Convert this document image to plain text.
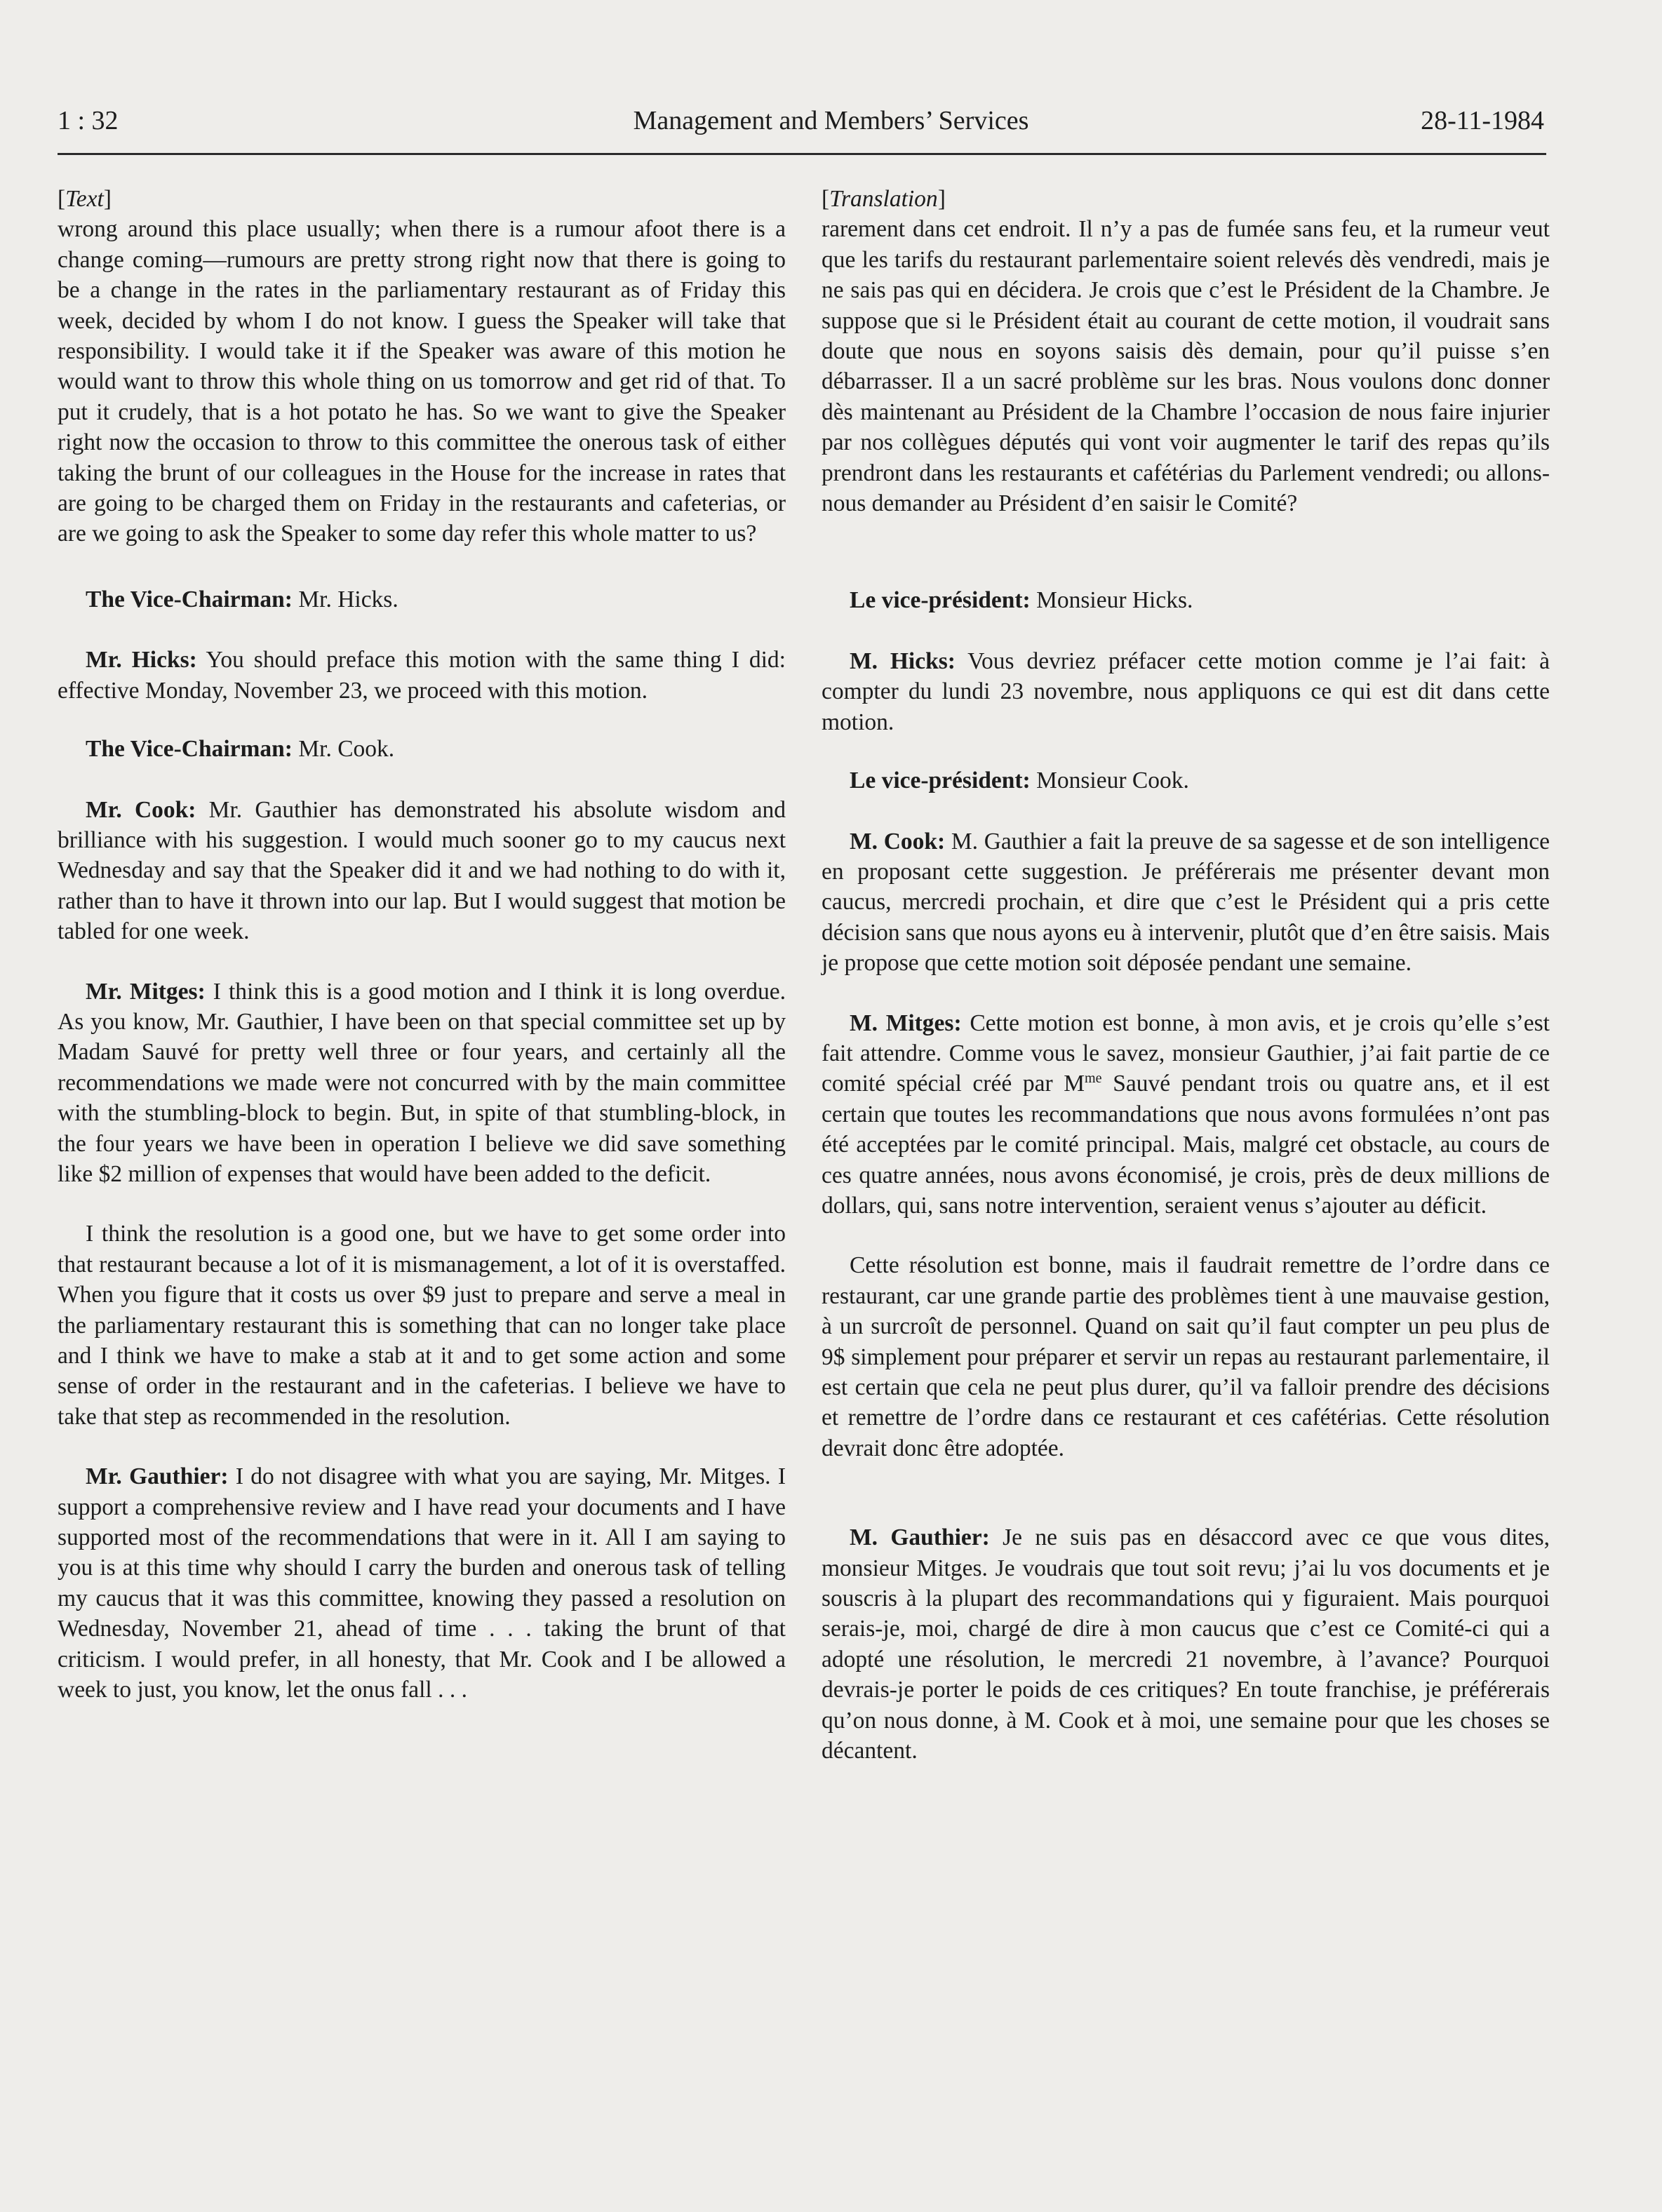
1 : 32	Management and Members’ Services	28-11-1984

[Text]

wrong around this place usually; when there is a rumour afoot there is a change coming—rumours are pretty strong right now that there is going to be a change in the rates in the parliamentary restaurant as of Friday this week, decided by whom I do not know. I guess the Speaker will take that responsibility. I would take it if the Speaker was aware of this motion he would want to throw this whole thing on us tomorrow and get rid of that. To put it crudely, that is a hot potato he has. So we want to give the Speaker right now the occasion to throw to this committee the onerous task of either taking the brunt of our colleagues in the House for the increase in rates that are going to be charged them on Friday in the restaurants and cafeterias, or are we going to ask the Speaker to some day refer this whole matter to us?

The Vice-Chairman: Mr. Hicks.

Mr. Hicks: You should preface this motion with the same thing I did: effective Monday, November 23, we proceed with this motion.

The Vice-Chairman: Mr. Cook.

Mr. Cook: Mr. Gauthier has demonstrated his absolute wisdom and brilliance with his suggestion. I would much sooner go to my caucus next Wednesday and say that the Speaker did it and we had nothing to do with it, rather than to have it thrown into our lap. But I would suggest that motion be tabled for one week.

Mr. Mitges: I think this is a good motion and I think it is long overdue. As you know, Mr. Gauthier, I have been on that special committee set up by Madam Sauvé for pretty well three or four years, and certainly all the recommendations we made were not concurred with by the main committee with the stumbling-block to begin. But, in spite of that stumbling-block, in the four years we have been in operation I believe we did save something like $2 million of expenses that would have been added to the deficit.

I think the resolution is a good one, but we have to get some order into that restaurant because a lot of it is mismanagement, a lot of it is overstaffed. When you figure that it costs us over $9 just to prepare and serve a meal in the parliamentary restaurant this is something that can no longer take place and I think we have to make a stab at it and to get some action and some sense of order in the restaurant and in the cafeterias. I believe we have to take that step as recommended in the resolution.

Mr. Gauthier: I do not disagree with what you are saying, Mr. Mitges. I support a comprehensive review and I have read your documents and I have supported most of the recommendations that were in it. All I am saying to you is at this time why should I carry the burden and onerous task of telling my caucus that it was this committee, knowing they passed a resolution on Wednesday, November 21, ahead of time . . . taking the brunt of that criticism. I would prefer, in all honesty, that Mr. Cook and I be allowed a week to just, you know, let the onus fall . . .

[Translation]

rarement dans cet endroit. Il n’y a pas de fumée sans feu, et la rumeur veut que les tarifs du restaurant parlementaire soient relevés dès vendredi, mais je ne sais pas qui en décidera. Je crois que c’est le Président de la Chambre. Je suppose que si le Président était au courant de cette motion, il voudrait sans doute que nous en soyons saisis dès demain, pour qu’il puisse s’en débarrasser. Il a un sacré problème sur les bras. Nous voulons donc donner dès maintenant au Président de la Chambre l’occasion de nous faire injurier par nos collègues députés qui vont voir augmenter le tarif des repas qu’ils prendront dans les restaurants et cafétérias du Parlement vendredi; ou allons-nous demander au Président d’en saisir le Comité?

Le vice-président: Monsieur Hicks.

M. Hicks: Vous devriez préfacer cette motion comme je l’ai fait: à compter du lundi 23 novembre, nous appliquons ce qui est dit dans cette motion.

Le vice-président: Monsieur Cook.

M. Cook: M. Gauthier a fait la preuve de sa sagesse et de son intelligence en proposant cette suggestion. Je préférerais me présenter devant mon caucus, mercredi prochain, et dire que c’est le Président qui a pris cette décision sans que nous ayons eu à intervenir, plutôt que d’en être saisis. Mais je propose que cette motion soit déposée pendant une semaine.

M. Mitges: Cette motion est bonne, à mon avis, et je crois qu’elle s’est fait attendre. Comme vous le savez, monsieur Gauthier, j’ai fait partie de ce comité spécial créé par $M^{me}$ Sauvé pendant trois ou quatre ans, et il est certain que toutes les recommandations que nous avons formulées n’ont pas été acceptées par le comité principal. Mais, malgré cet obstacle, au cours de ces quatre années, nous avons économisé, je crois, près de deux millions de dollars, qui, sans notre intervention, seraient venus s’ajouter au déficit.

Cette résolution est bonne, mais il faudrait remettre de l’ordre dans ce restaurant, car une grande partie des problèmes tient à une mauvaise gestion, à un surcroît de personnel. Quand on sait qu’il faut compter un peu plus de 9$ simplement pour préparer et servir un repas au restaurant parlementaire, il est certain que cela ne peut plus durer, qu’il va falloir prendre des décisions et remettre de l’ordre dans ce restaurant et ces cafétérias. Cette résolution devrait donc être adoptée.

M. Gauthier: Je ne suis pas en désaccord avec ce que vous dites, monsieur Mitges. Je voudrais que tout soit revu; j’ai lu vos documents et je souscris à la plupart des recommandations qui y figuraient. Mais pourquoi serais-je, moi, chargé de dire à mon caucus que c’est ce Comité-ci qui a adopté une résolution, le mercredi 21 novembre, à l’avance? Pourquoi devrais-je porter le poids de ces critiques? En toute franchise, je préférerais qu’on nous donne, à M. Cook et à moi, une semaine pour que les choses se décantent.
